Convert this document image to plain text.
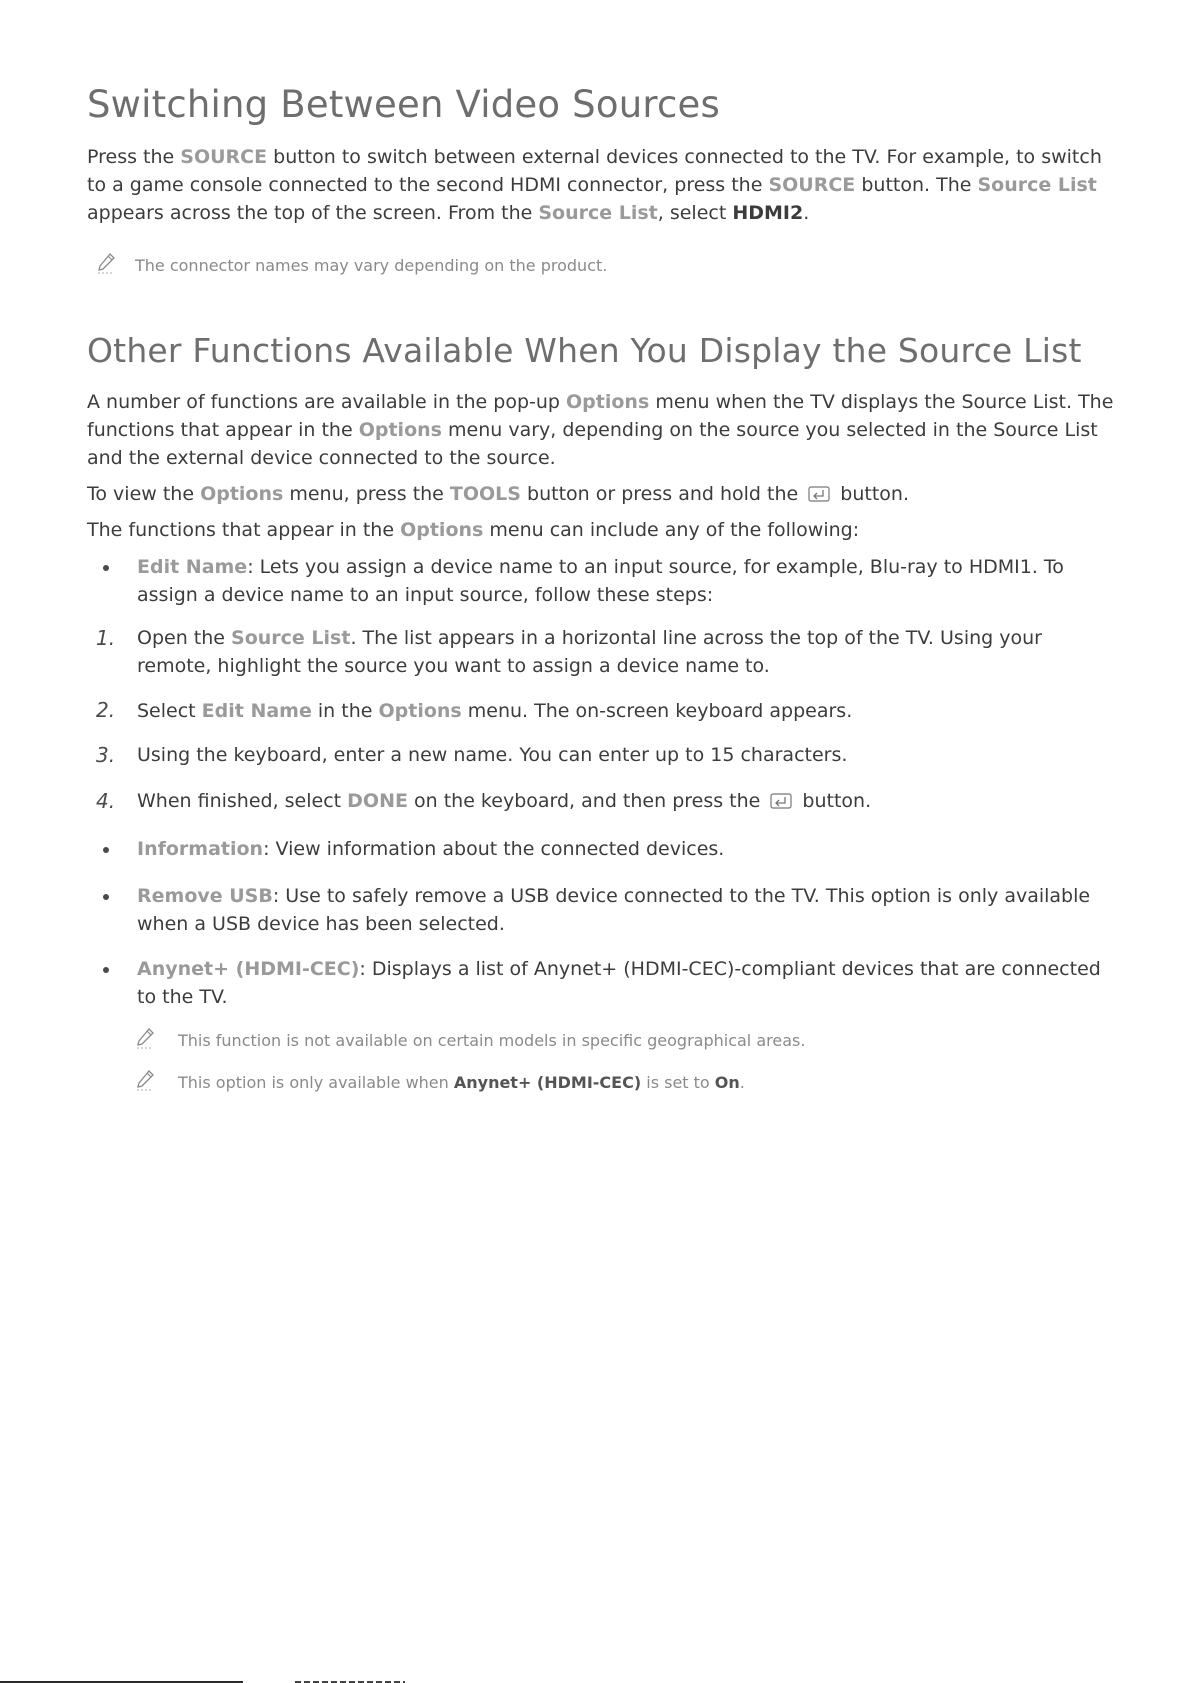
Switching Between Video Sources

Press the SOURCE button to switch between external devices connected to the TV. For example, to switch to a game console connected to the second HDMI connector, press the SOURCE button. The Source List appears across the top of the screen. From the Source List, select HDMI2.

The connector names may vary depending on the product.

Other Functions Available When You Display the Source List

A number of functions are available in the pop-up Options menu when the TV displays the Source List. The functions that appear in the Options menu vary, depending on the source you selected in the Source List and the external device connected to the source.

To view the Options menu, press the TOOLS button or press and hold the  button.

The functions that appear in the Options menu can include any of the following:

Edit Name: Lets you assign a device name to an input source, for example, Blu-ray to HDMI1. To assign a device name to an input source, follow these steps:

1. Open the Source List. The list appears in a horizontal line across the top of the TV. Using your remote, highlight the source you want to assign a device name to.

2. Select Edit Name in the Options menu. The on-screen keyboard appears.

3. Using the keyboard, enter a new name. You can enter up to 15 characters.

4. When finished, select DONE on the keyboard, and then press the  button.

Information: View information about the connected devices.

Remove USB: Use to safely remove a USB device connected to the TV. This option is only available when a USB device has been selected.

Anynet+ (HDMI-CEC): Displays a list of Anynet+ (HDMI-CEC)-compliant devices that are connected to the TV.

This function is not available on certain models in specific geographical areas.

This option is only available when Anynet+ (HDMI-CEC) is set to On.
